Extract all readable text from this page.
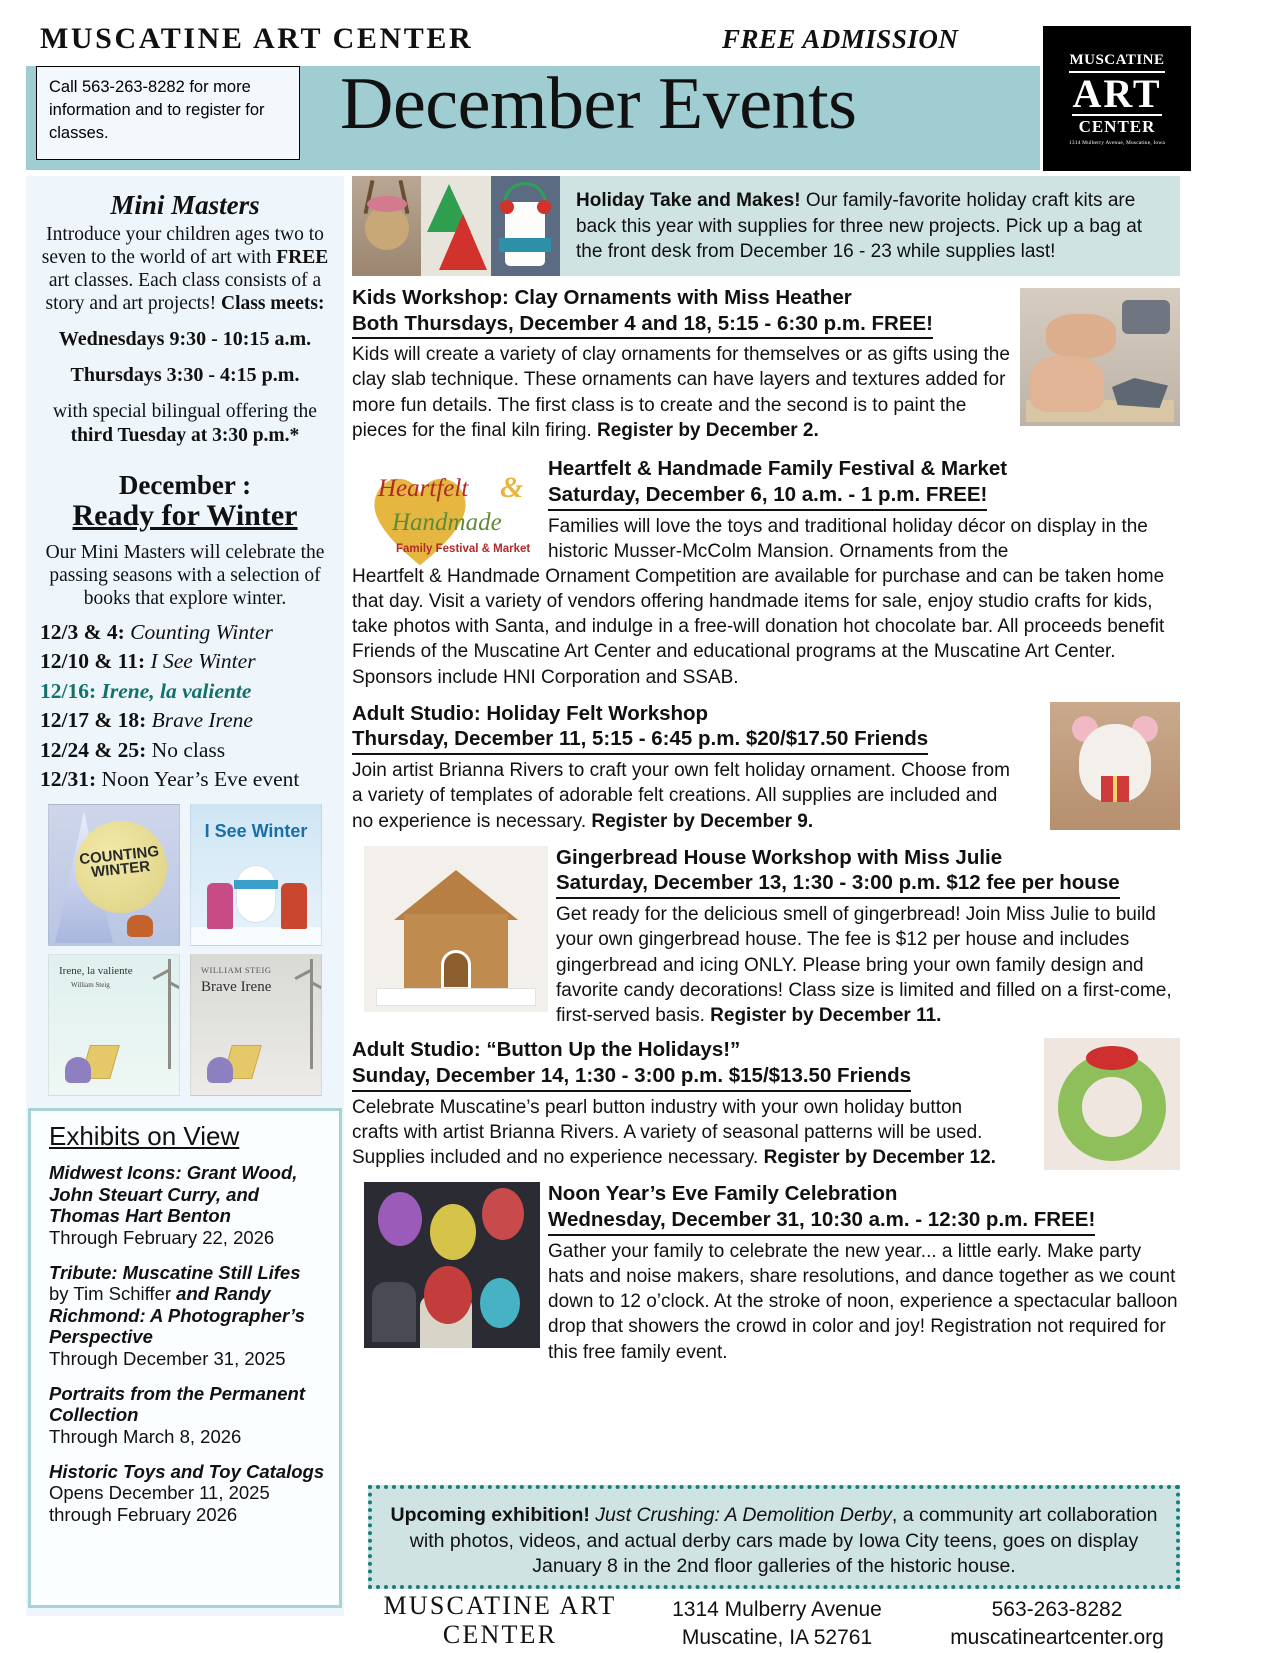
MUSCATINE ART CENTER	FREE ADMISSION
Call 563-263-8282 for more information and to register for classes.	December Events
MUSCATINE
ART
CENTER
1314 Mulberry Avenue, Muscatine, Iowa
Mini Masters
Introduce your children ages two to seven to the world of art with FREE art classes. Each class consists of a story and art projects! Class meets:
Wednesdays 9:30 - 10:15 a.m.
Thursdays 3:30 - 4:15 p.m.
with special bilingual offering the third Tuesday at 3:30 p.m.*
December :
Ready for Winter
Our Mini Masters will celebrate the passing seasons with a selection of books that explore winter.
12/3 & 4: Counting Winter
12/10 & 11: I See Winter
12/16: Irene, la valiente
12/17 & 18: Brave Irene
12/24 & 25: No class
12/31: Noon Year’s Eve event
COUNTING WINTER
I See Winter
Irene, la valiente
William Steig
WILLIAM STEIG
Brave Irene
Exhibits on View
Midwest Icons: Grant Wood, John Steuart Curry, and Thomas Hart Benton
Through February 22, 2026
Tribute: Muscatine Still Lifes by Tim Schiffer and Randy Richmond: A Photographer’s Perspective
Through December 31, 2025
Portraits from the Permanent Collection
Through March 8, 2026
Historic Toys and Toy Catalogs
Opens December 11, 2025 through February 2026
Holiday Take and Makes! Our family-favorite holiday craft kits are back this year with supplies for three new projects. Pick up a bag at the front desk from December 16 - 23 while supplies last!
Kids Workshop: Clay Ornaments with Miss Heather
Both Thursdays, December 4 and 18, 5:15 - 6:30 p.m. FREE!
Kids will create a variety of clay ornaments for themselves or as gifts using the clay slab technique. These ornaments can have layers and textures added for more fun details. The first class is to create and the second is to paint the pieces for the final kiln firing. Register by December 2.
Heartfelt &
Handmade
Family Festival & Market
Heartfelt & Handmade Family Festival & Market
Saturday, December 6, 10 a.m. - 1 p.m. FREE!
Families will love the toys and traditional holiday décor on display in the historic Musser-McColm Mansion. Ornaments from the
Heartfelt & Handmade Ornament Competition are available for purchase and can be taken home that day. Visit a variety of vendors offering handmade items for sale, enjoy studio crafts for kids, take photos with Santa, and indulge in a free-will donation hot chocolate bar. All proceeds benefit Friends of the Muscatine Art Center and educational programs at the Muscatine Art Center. Sponsors include HNI Corporation and SSAB.
Adult Studio: Holiday Felt Workshop
Thursday, December 11, 5:15 - 6:45 p.m. $20/$17.50 Friends
Join artist Brianna Rivers to craft your own felt holiday ornament. Choose from a variety of templates of adorable felt creations. All supplies are included and no experience is necessary. Register by December 9.
Gingerbread House Workshop with Miss Julie
Saturday, December 13, 1:30 - 3:00 p.m. $12 fee per house
Get ready for the delicious smell of gingerbread! Join Miss Julie to build your own gingerbread house. The fee is $12 per house and includes gingerbread and icing ONLY. Please bring your own family design and favorite candy decorations! Class size is limited and filled on a first-come, first-served basis. Register by December 11.
Adult Studio: “Button Up the Holidays!”
Sunday, December 14, 1:30 - 3:00 p.m. $15/$13.50 Friends
Celebrate Muscatine’s pearl button industry with your own holiday button crafts with artist Brianna Rivers. A variety of seasonal patterns will be used. Supplies included and no experience necessary. Register by December 12.
Noon Year’s Eve Family Celebration
Wednesday, December 31, 10:30 a.m. - 12:30 p.m. FREE!
Gather your family to celebrate the new year... a little early. Make party hats and noise makers, share resolutions, and dance together as we count down to 12 o’clock. At the stroke of noon, experience a spectacular balloon drop that showers the crowd in color and joy! Registration not required for this free family event.
Upcoming exhibition! Just Crushing: A Demolition Derby, a community art collaboration with photos, videos, and actual derby cars made by Iowa City teens, goes on display January 8 in the 2nd floor galleries of the historic house.
MUSCATINE ART
CENTER
1314 Mulberry Avenue
Muscatine, IA 52761
563-263-8282
muscatineartcenter.org
